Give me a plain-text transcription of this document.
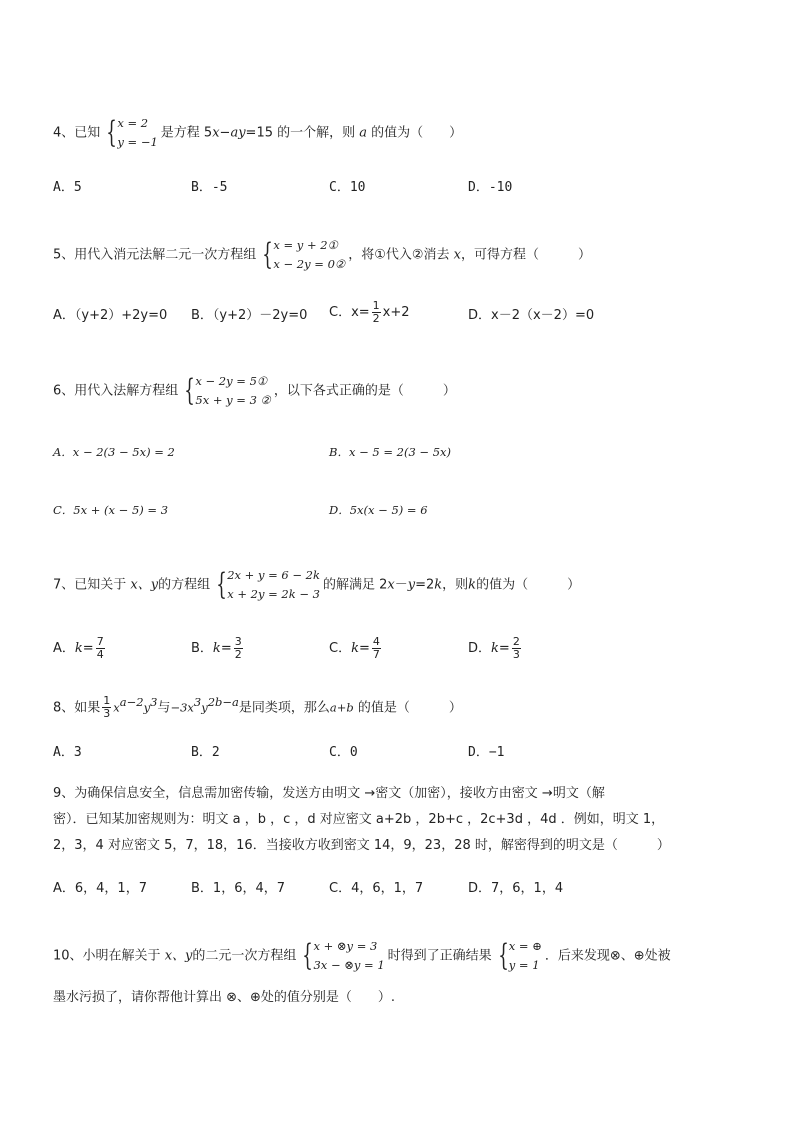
4、已知 { x = 2
y = −1
是方程 5x−ay=15 的一个解，则 a 的值为（　　）
A．5	B．-5	C．10	D．-10
5、用代入消元法解二元一次方程组 { x = y + 2①
x − 2y = 0②
，将①代入②消去 x，可得方程（　　　）
A．（y+2）+2y=0 B．（y+2）－2y=0 C．$x= \frac{1}{2} x+2$	D．x－2（x－2）=0
6、用代入法解方程组 { x − 2y = 5①
5x + y = 3 ②
，以下各式正确的是（　　　）
A．x − 2(3 − 5x) = 2	B．x − 5 = 2(3 − 5x)
C．5x + (x − 5) = 3	D．5x(x − 5) = 6
7、已知关于 x、y的方程组 { 2x + y = 6 − 2k
x + 2y = 2k − 3
的解满足 2x－y=2k，则k的值为（　　　）
A．$k= \frac{7}{4}$	B．$k= \frac{3}{2}$	C．$k= \frac{4}{7}$	D．$k= \frac{2}{3}$
8、如果 $\frac{1}{3} x^{a-2}y^3$与$-3x^3y^{2b-a}$是同类项，那么a+b 的值是（　　　）
A．3	B．2	C．0	D．−1
9、为确保信息安全，信息需加密传输，发送方由明文 →密文（加密），接收方由密文 →明文（解
密）．已知某加密规则为：明文 a ，b ，c ，d 对应密文 a+2b ，2b+c ，2c+3d ，4d ．例如，明文 1，
2，3，4 对应密文 5，7，18，16．当接收方收到密文 14，9，23，28 时，解密得到的明文是（　　　）
A．6，4，1，7	B．1，6，4，7	C．4，6，1，7	D．7，6，1，4
10、小明在解关于 x、y的二元一次方程组 { x + ⊗y = 3
3x − ⊗y = 1
时得到了正确结果 { x = ⊕
y = 1
．后来发现⊗、⊕处被
墨水污损了，请你帮他计算出 ⊗、⊕处的值分别是（　　）.
